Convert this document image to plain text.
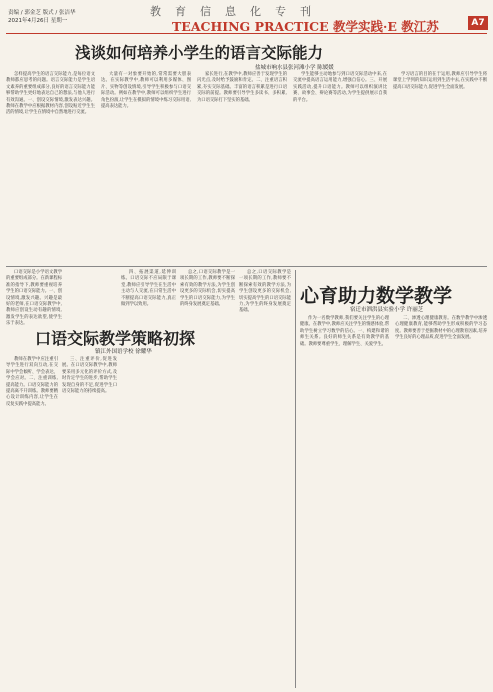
责编 / 郭金芝 版式 / 张洁华
2021年4月26日 星期一
教育信息化专刊
TEACHING PRACTICE 教学实践·E 教江苏	A7
浅谈如何培养小学生的语言交际能力
盐城市响水县张河滩小学 陈媛媛

怎样提高学生的语言交际能力,是每位语文教师都应思考的问题。语言交际能力是学生语文素养的重要组成部分,良好的语言交际能力能够帮助学生更好地表达自己的想法,与他人进行有效沟通。一、创设交际情境,激发表达兴趣。教师在教学中应根据教材内容,创设贴近学生生活的情境,让学生在情境中自然地进行交流。

大量有一对象要开始的,常常需要大胆表达。在实际教学中,教师可以利用多媒体、图片、实物等创设情境,引导学生积极参与口语交际活动。例如在教学中,教师可以组织学生进行角色扮演,让学生在模拟的情境中练习交际用语,提高表达能力。

家长进行,在教学中,教师应善于发现学生的闪光点,及时给予鼓励和肯定。二、注重语言积累,夯实交际基础。丰富的语言积累是进行口语交际的前提。教师要引导学生多读书、多积累,为口语交际打下坚实的基础。

学生能够主动地参与到口语交际活动中来,在交流中提高语言运用能力,增强自信心。三、开展实践活动,提升口语能力。教师可以组织演讲比赛、故事会、辩论赛等活动,为学生提供展示自我的平台。

学习语言的目的在于运用,教师应引导学生将课堂上学到的知识运用到生活中去,在实践中不断提高口语交际能力,促进学生全面发展。

心育助力数学教学
宿迁市泗洪县实验小学 许丽芝

作为一名数学教师,我们要关注学生的心理健康。在教学中,教师应关注学生的情感体验,帮助学生树立学习数学的信心。一、构建和谐的师生关系。良好的师生关系是有效教学的基础。教师要尊重学生、理解学生、关爱学生。

二、渗透心理健康教育。在数学教学中渗透心理健康教育,能够帮助学生形成积极的学习态度。教师要善于挖掘教材中的心理教育因素,培养学生良好的心理品质,促进学生全面发展。

口语交际教学策略初探
镇江外国语学校 徐耀华

口语交际是小学语文教学的重要组成部分。在新课程标准的指导下,教师要重视培养学生的口语交际能力。一、创设情境,激发兴趣。兴趣是最好的老师,在口语交际教学中,教师应创设生动有趣的情境,激发学生的表达欲望,使学生乐于表达。

教师在教学中应注重引导学生进行双向互动,在交际中学会倾听、学会表达、学会应对。二、注重训练,提高能力。口语交际能力的提高离不开训练。教师要精心设计训练内容,让学生在反复实践中提高能力。

三、注重评价,促进发展。在口语交际教学中,教师要采用多元化的评价方式,及时肯定学生的进步,帮助学生发现自身的不足,促进学生口语交际能力的持续提高。

四、拓展渠道,延伸训练。口语交际不应局限于课堂,教师应引导学生在生活中主动与人交流,在日常生活中不断提高口语交际能力,真正做到学以致用。

总之,口语交际教学是一项长期的工作,教师要不断探索有效的教学方法,为学生创设更多的交际机会,切实提高学生的口语交际能力,为学生的终身发展奠定基础。

总之,口语交际教学是一项长期的工作,教师要不断探索有效的教学方法,为学生创设更多的交际机会,切实提高学生的口语交际能力,为学生的终身发展奠定基础。
